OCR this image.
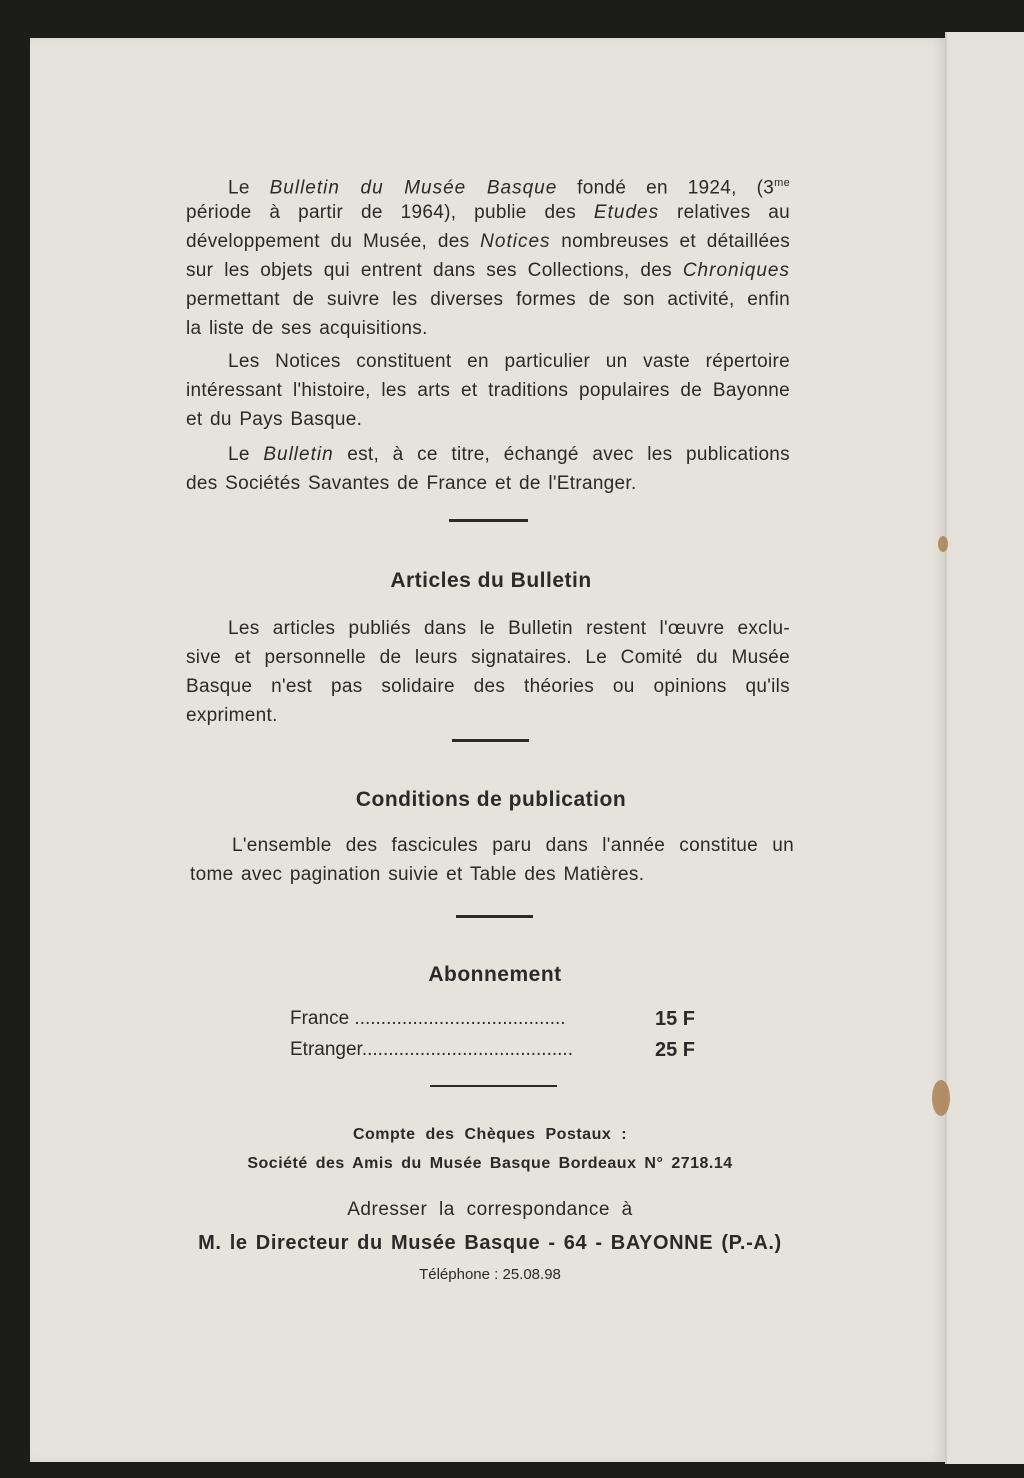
Le Bulletin du Musée Basque fondé en 1924, ($3^{me}$
période à partir de 1964), publie des Etudes relatives au
développement du Musée, des Notices nombreuses et détaillées
sur les objets qui entrent dans ses Collections, des Chroniques
permettant de suivre les diverses formes de son activité, enfin
la liste de ses acquisitions.
Les Notices constituent en particulier un vaste répertoire
intéressant l'histoire, les arts et traditions populaires de Bayonne
et du Pays Basque.
Le Bulletin est, à ce titre, échangé avec les publications
des Sociétés Savantes de France et de l'Etranger.
Articles du Bulletin
Les articles publiés dans le Bulletin restent l'œuvre exclu-
sive et personnelle de leurs signataires. Le Comité du Musée
Basque n'est pas solidaire des théories ou opinions qu'ils
expriment.
Conditions de publication
L'ensemble des fascicules paru dans l'année constitue un
tome avec pagination suivie et Table des Matières.
Abonnement
France ........................................	15 F
Etranger........................................	25 F
Compte des Chèques Postaux :
Société des Amis du Musée Basque Bordeaux N° 2718.14
Adresser la correspondance à
M. le Directeur du Musée Basque - 64 - BAYONNE (P.-A.)
Téléphone : 25.08.98
